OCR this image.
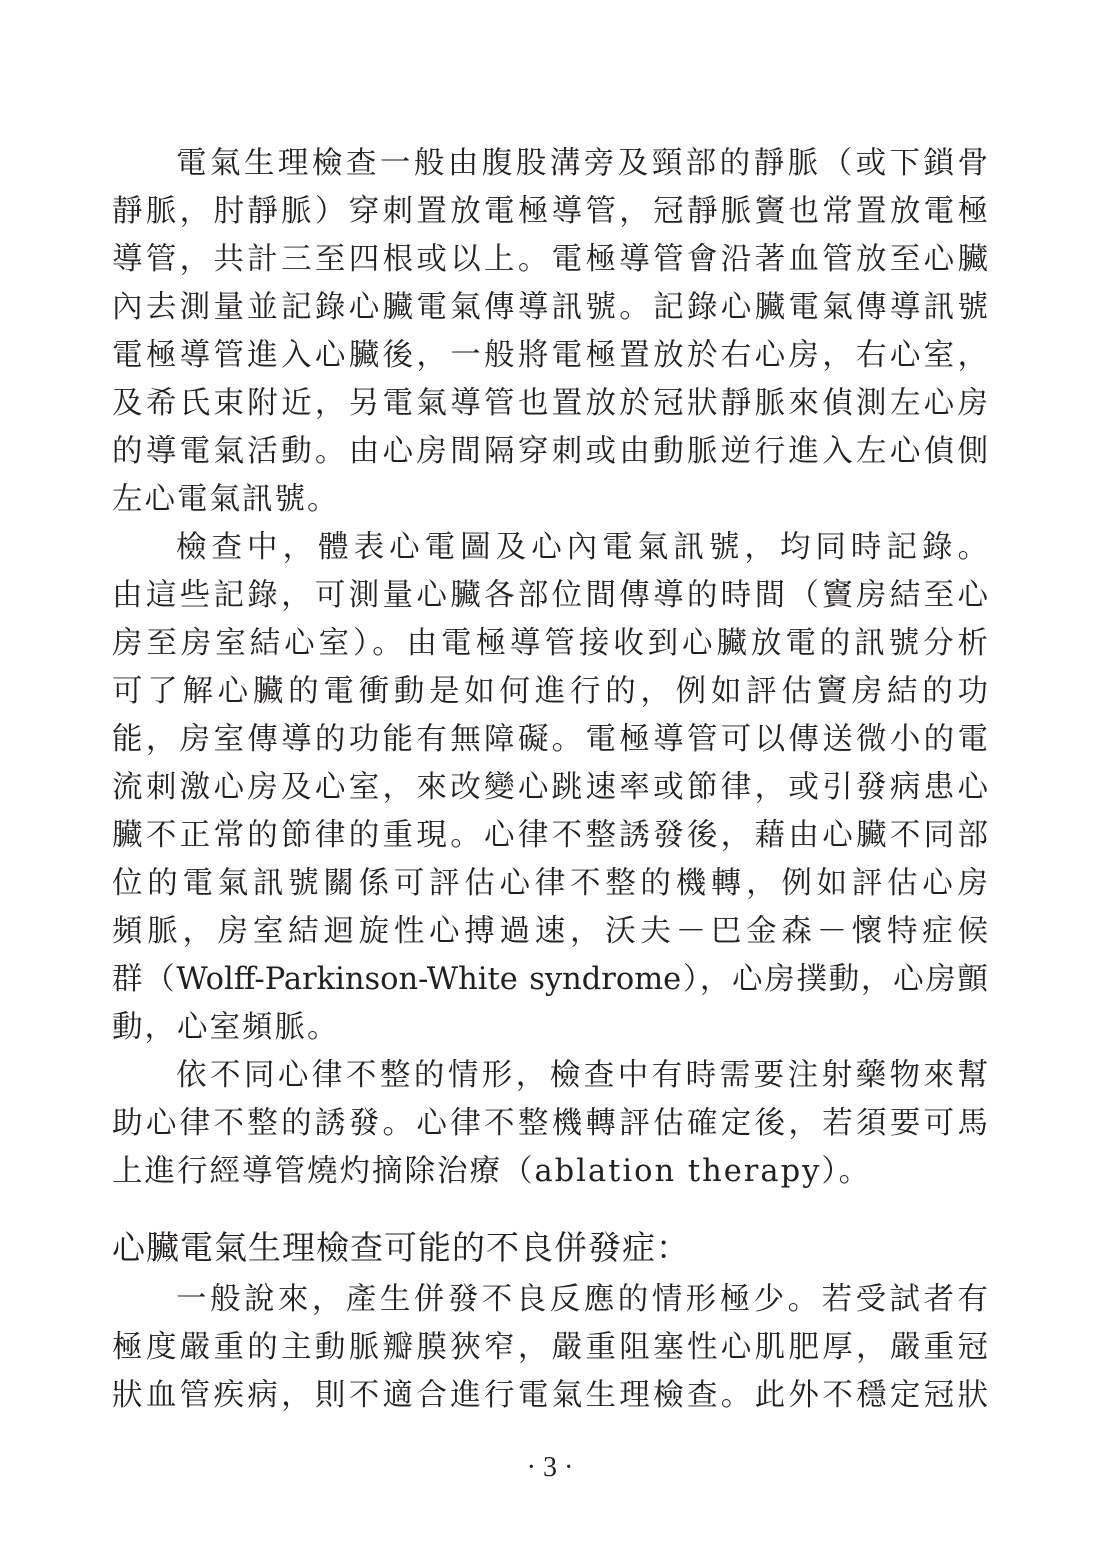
電氣生理檢查一般由腹股溝旁及頸部的靜脈（或下鎖骨
靜脈，肘靜脈）穿刺置放電極導管，冠靜脈竇也常置放電極
導管，共計三至四根或以上。電極導管會沿著血管放至心臟
內去測量並記錄心臟電氣傳導訊號。記錄心臟電氣傳導訊號
電極導管進入心臟後，一般將電極置放於右心房，右心室，
及希氏束附近，另電氣導管也置放於冠狀靜脈來偵測左心房
的導電氣活動。由心房間隔穿刺或由動脈逆行進入左心偵側
左心電氣訊號。
檢查中，體表心電圖及心內電氣訊號，均同時記錄。
由這些記錄，可測量心臟各部位間傳導的時間（竇房結至心
房至房室結心室）。由電極導管接收到心臟放電的訊號分析
可了解心臟的電衝動是如何進行的，例如評估竇房結的功
能，房室傳導的功能有無障礙。電極導管可以傳送微小的電
流刺激心房及心室，來改變心跳速率或節律，或引發病患心
臟不正常的節律的重現。心律不整誘發後，藉由心臟不同部
位的電氣訊號關係可評估心律不整的機轉，例如評估心房
頻脈，房室結迴旋性心搏過速，沃夫－巴金森－懷特症候
群（Wolff-Parkinson-White syndrome），心房撲動，心房顫
動，心室頻脈。
依不同心律不整的情形，檢查中有時需要注射藥物來幫
助心律不整的誘發。心律不整機轉評估確定後，若須要可馬
上進行經導管燒灼摘除治療（ablation therapy）。
心臟電氣生理檢查可能的不良併發症：
一般說來，產生併發不良反應的情形極少。若受試者有
極度嚴重的主動脈瓣膜狹窄，嚴重阻塞性心肌肥厚，嚴重冠
狀血管疾病，則不適合進行電氣生理檢查。此外不穩定冠狀
· 3 ·
